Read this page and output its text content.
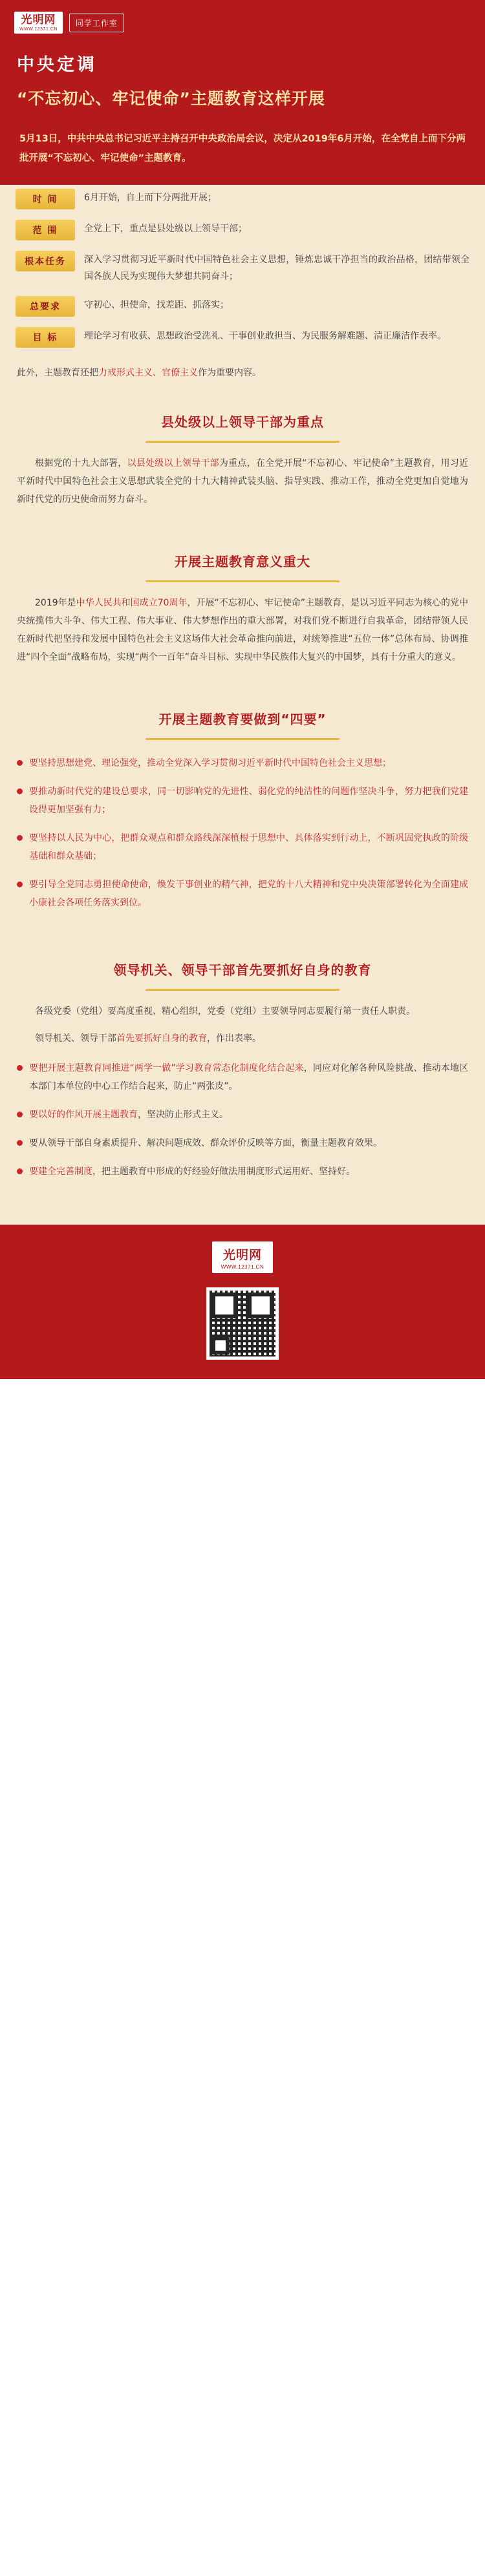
光明网
WWW.12371.CN
同学工作室
中央定调
“不忘初心、牢记使命”主题教育这样开展

5月13日，中共中央总书记习近平主持召开中央政治局会议，决定从2019年6月开始，在全党自上而下分两批开展“不忘初心、牢记使命”主题教育。

时 间	6月开始，自上而下分两批开展；
范 围	全党上下，重点是县处级以上领导干部；
根本任务	深入学习贯彻习近平新时代中国特色社会主义思想，锤炼忠诚干净担当的政治品格，团结带领全国各族人民为实现伟大梦想共同奋斗；
总要求	守初心、担使命，找差距、抓落实；
目 标	理论学习有收获、思想政治受洗礼、干事创业敢担当、为民服务解难题、清正廉洁作表率。
此外，主题教育还把力戒形式主义、官僚主义作为重要内容。
县处级以上领导干部为重点
根据党的十九大部署，以县处级以上领导干部为重点，在全党开展“不忘初心、牢记使命”主题教育，用习近平新时代中国特色社会主义思想武装全党的十九大精神武装头脑、指导实践、推动工作，推动全党更加自觉地为新时代党的历史使命而努力奋斗。
开展主题教育意义重大
2019年是中华人民共和国成立70周年，开展“不忘初心、牢记使命”主题教育，是以习近平同志为核心的党中央统揽伟大斗争、伟大工程、伟大事业、伟大梦想作出的重大部署，对我们党不断进行自我革命，团结带领人民在新时代把坚持和发展中国特色社会主义这场伟大社会革命推向前进，对统筹推进“五位一体”总体布局、协调推进“四个全面”战略布局，实现“两个一百年”奋斗目标、实现中华民族伟大复兴的中国梦，具有十分重大的意义。
开展主题教育要做到“四要”
要坚持思想建党、理论强党，推动全党深入学习贯彻习近平新时代中国特色社会主义思想；
要推动新时代党的建设总要求，同一切影响党的先进性、弱化党的纯洁性的问题作坚决斗争，努力把我们党建设得更加坚强有力；
要坚持以人民为中心，把群众观点和群众路线深深植根于思想中、具体落实到行动上，不断巩固党执政的阶级基础和群众基础；
要引导全党同志勇担使命使命，焕发干事创业的精气神，把党的十八大精神和党中央决策部署转化为全面建成小康社会各项任务落实到位。
领导机关、领导干部首先要抓好自身的教育
各级党委（党组）要高度重视、精心组织，党委（党组）主要领导同志要履行第一责任人职责。
领导机关、领导干部首先要抓好自身的教育，作出表率。
要把开展主题教育同推进“两学一做”学习教育常态化制度化结合起来，同应对化解各种风险挑战、推动本地区本部门本单位的中心工作结合起来，防止“两张皮”。
要以好的作风开展主题教育，坚决防止形式主义。
要从领导干部自身素质提升、解决问题成效、群众评价反映等方面，衡量主题教育效果。
要建全完善制度，把主题教育中形成的好经验好做法用制度形式运用好、坚持好。
光明网
WWW.12371.CN
